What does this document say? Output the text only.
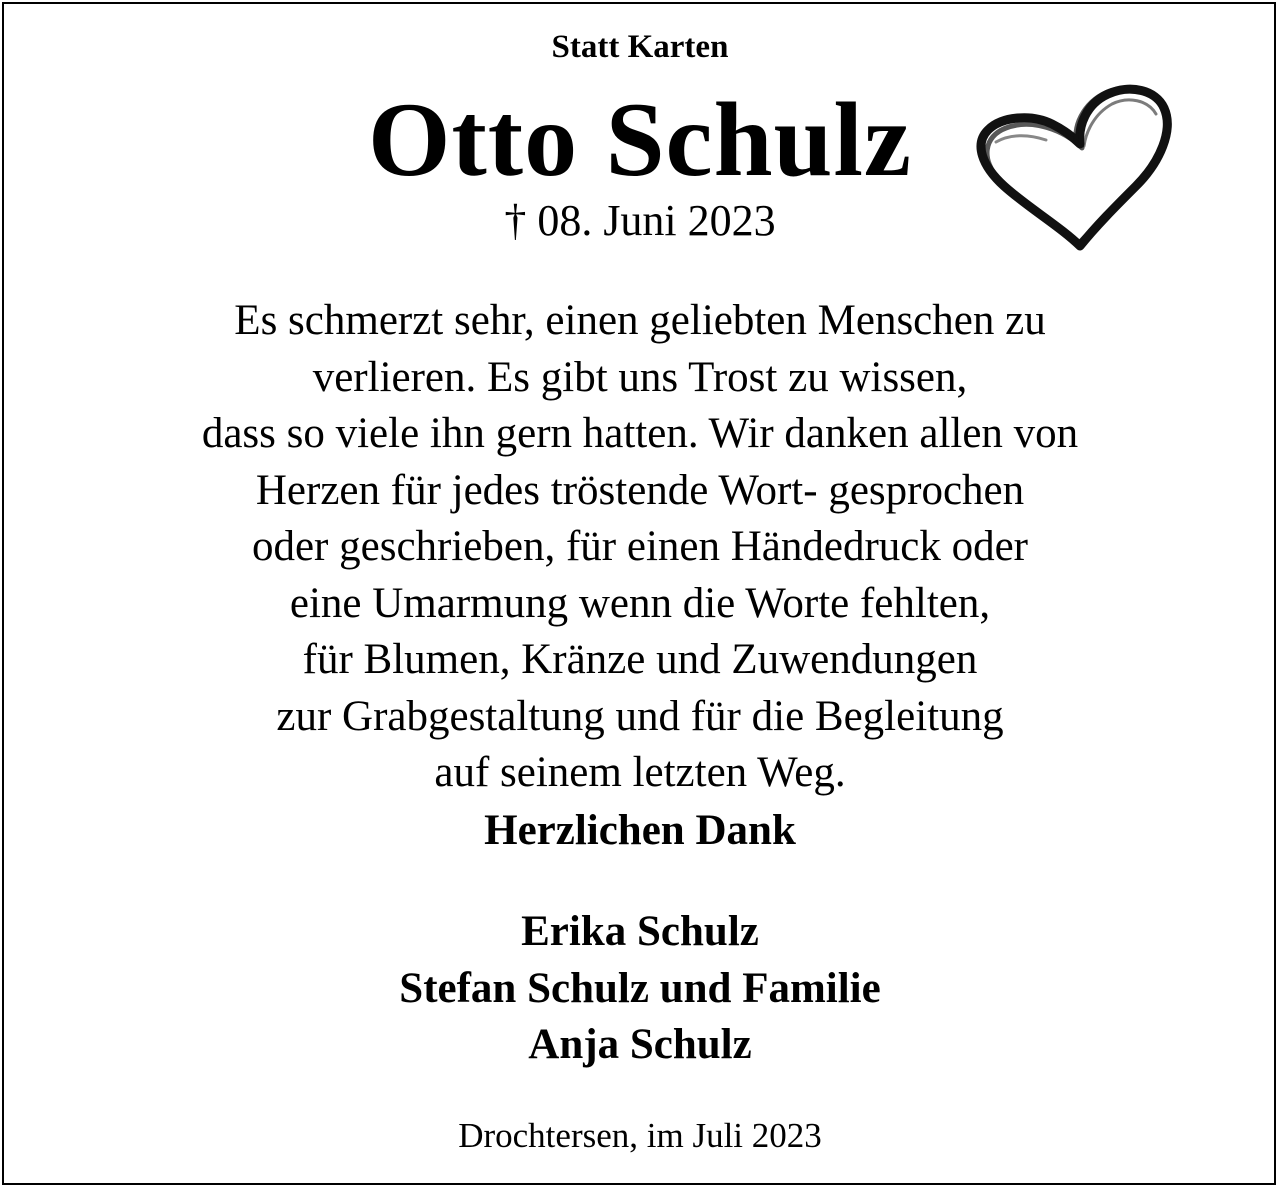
Statt Karten
Otto Schulz
† 08. Juni 2023
Es schmerzt sehr, einen geliebten Menschen zu
verlieren. Es gibt uns Trost zu wissen,
dass so viele ihn gern hatten. Wir danken allen von
Herzen für jedes tröstende Wort- gesprochen
oder geschrieben, für einen Händedruck oder
eine Umarmung wenn die Worte fehlten,
für Blumen, Kränze und Zuwendungen
zur Grabgestaltung und für die Begleitung
auf seinem letzten Weg.
Herzlichen Dank
Erika Schulz
Stefan Schulz und Familie
Anja Schulz
Drochtersen, im Juli 2023
